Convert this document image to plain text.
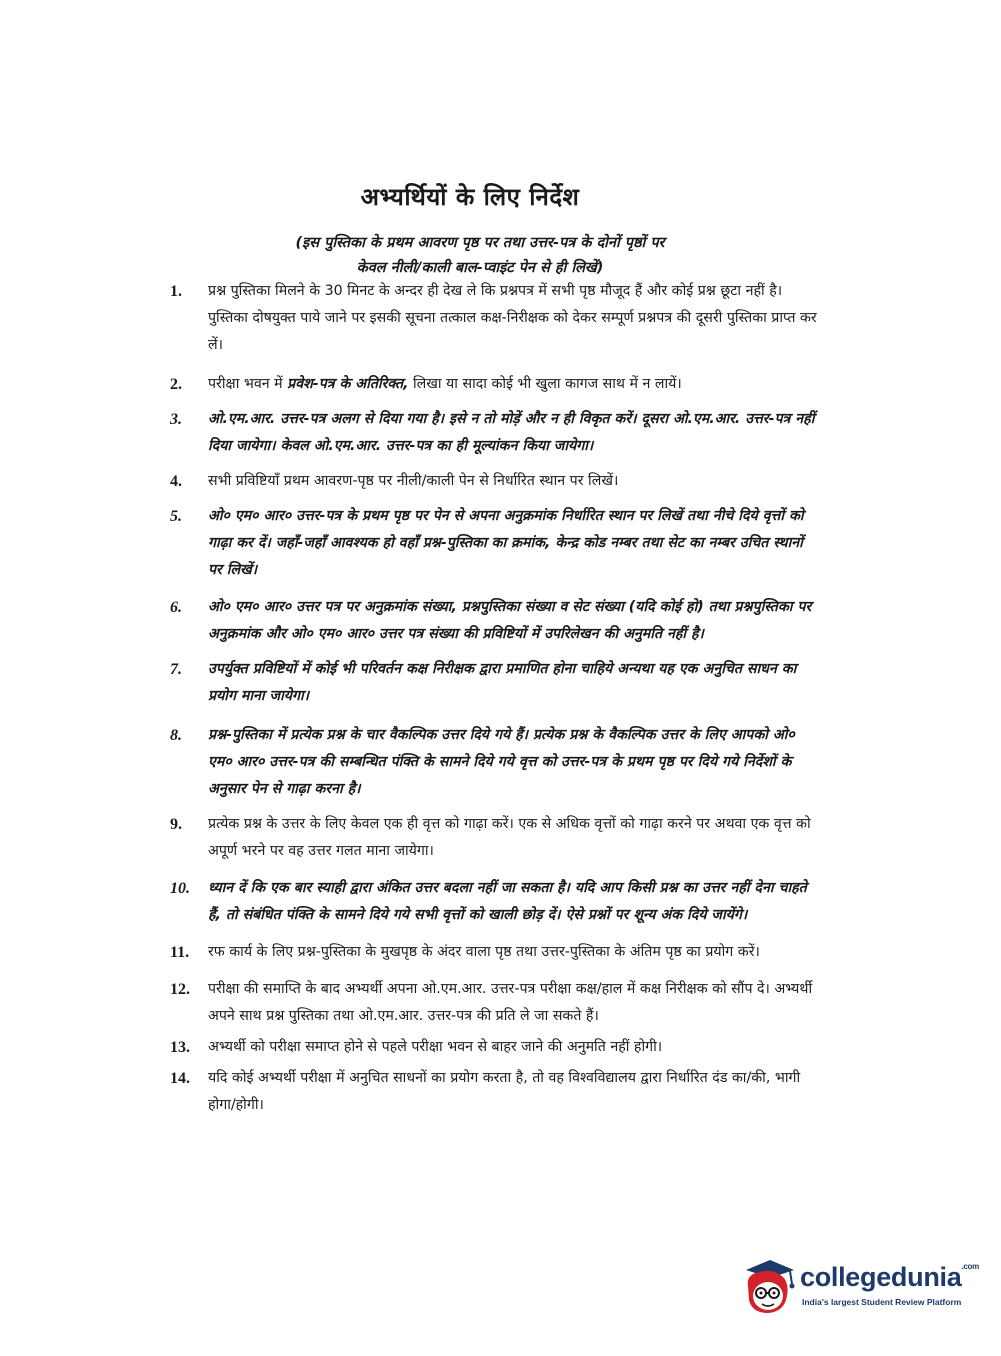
अभ्यर्थियों के लिए निर्देश
(इस पुस्तिका के प्रथम आवरण पृष्ठ पर तथा उत्तर-पत्र के दोनों पृष्ठों पर
केवल नीली/काली बाल-प्वाइंट पेन से ही लिखें)
1.	प्रश्न पुस्तिका मिलने के 30 मिनट के अन्दर ही देख ले कि प्रश्नपत्र में सभी पृष्ठ मौजूद हैं और कोई प्रश्न छूटा नहीं है। पुस्तिका दोषयुक्त पाये जाने पर इसकी सूचना तत्काल कक्ष-निरीक्षक को देकर सम्पूर्ण प्रश्नपत्र की दूसरी पुस्तिका प्राप्त कर लें।
2.	परीक्षा भवन में प्रवेश-पत्र के अतिरिक्त, लिखा या सादा कोई भी खुला कागज साथ में न लायें।
3.	ओ.एम.आर. उत्तर-पत्र अलग से दिया गया है। इसे न तो मोड़ें और न ही विकृत करें। दूसरा ओ.एम.आर. उत्तर-पत्र नहीं दिया जायेगा। केवल ओ.एम.आर. उत्तर-पत्र का ही मूल्यांकन किया जायेगा।
4.	सभी प्रविष्टियाँ प्रथम आवरण-पृष्ठ पर नीली/काली पेन से निर्धारित स्थान पर लिखें।
5.	ओ० एम० आर० उत्तर-पत्र के प्रथम पृष्ठ पर पेन से अपना अनुक्रमांक निर्धारित स्थान पर लिखें तथा नीचे दिये वृत्तों को गाढ़ा कर दें। जहाँ-जहाँ आवश्यक हो वहाँ प्रश्न-पुस्तिका का क्रमांक, केन्द्र कोड नम्बर तथा सेट का नम्बर उचित स्थानों पर लिखें।
6.	ओ० एम० आर० उत्तर पत्र पर अनुक्रमांक संख्या, प्रश्नपुस्तिका संख्या व सेट संख्या (यदि कोई हो) तथा प्रश्नपुस्तिका पर अनुक्रमांक और ओ० एम० आर० उत्तर पत्र संख्या की प्रविष्टियों में उपरिलेखन की अनुमति नहीं है।
7.	उपर्युक्त प्रविष्टियों में कोई भी परिवर्तन कक्ष निरीक्षक द्वारा प्रमाणित होना चाहिये अन्यथा यह एक अनुचित साधन का प्रयोग माना जायेगा।
8.	प्रश्न-पुस्तिका में प्रत्येक प्रश्न के चार वैकल्पिक उत्तर दिये गये हैं। प्रत्येक प्रश्न के वैकल्पिक उत्तर के लिए आपको ओ० एम० आर० उत्तर-पत्र की सम्बन्धित पंक्ति के सामने दिये गये वृत्त को उत्तर-पत्र के प्रथम पृष्ठ पर दिये गये निर्देशों के अनुसार पेन से गाढ़ा करना है।
9.	प्रत्येक प्रश्न के उत्तर के लिए केवल एक ही वृत्त को गाढ़ा करें। एक से अधिक वृत्तों को गाढ़ा करने पर अथवा एक वृत्त को अपूर्ण भरने पर वह उत्तर गलत माना जायेगा।
10.	ध्यान दें कि एक बार स्याही द्वारा अंकित उत्तर बदला नहीं जा सकता है। यदि आप किसी प्रश्न का उत्तर नहीं देना चाहते हैं, तो संबंधित पंक्ति के सामने दिये गये सभी वृत्तों को खाली छोड़ दें। ऐसे प्रश्नों पर शून्य अंक दिये जायेंगे।
11.	रफ कार्य के लिए प्रश्न-पुस्तिका के मुखपृष्ठ के अंदर वाला पृष्ठ तथा उत्तर-पुस्तिका के अंतिम पृष्ठ का प्रयोग करें।
12.	परीक्षा की समाप्ति के बाद अभ्यर्थी अपना ओ.एम.आर. उत्तर-पत्र परीक्षा कक्ष/हाल में कक्ष निरीक्षक को सौंप दे। अभ्यर्थी अपने साथ प्रश्न पुस्तिका तथा ओ.एम.आर. उत्तर-पत्र की प्रति ले जा सकते हैं।
13.	अभ्यर्थी को परीक्षा समाप्त होने से पहले परीक्षा भवन से बाहर जाने की अनुमति नहीं होगी।
14.	यदि कोई अभ्यर्थी परीक्षा में अनुचित साधनों का प्रयोग करता है, तो वह विश्वविद्यालय द्वारा निर्धारित दंड का/की, भागी होगा/होगी।
collegedunia$^{.com}$
India's largest Student Review Platform
